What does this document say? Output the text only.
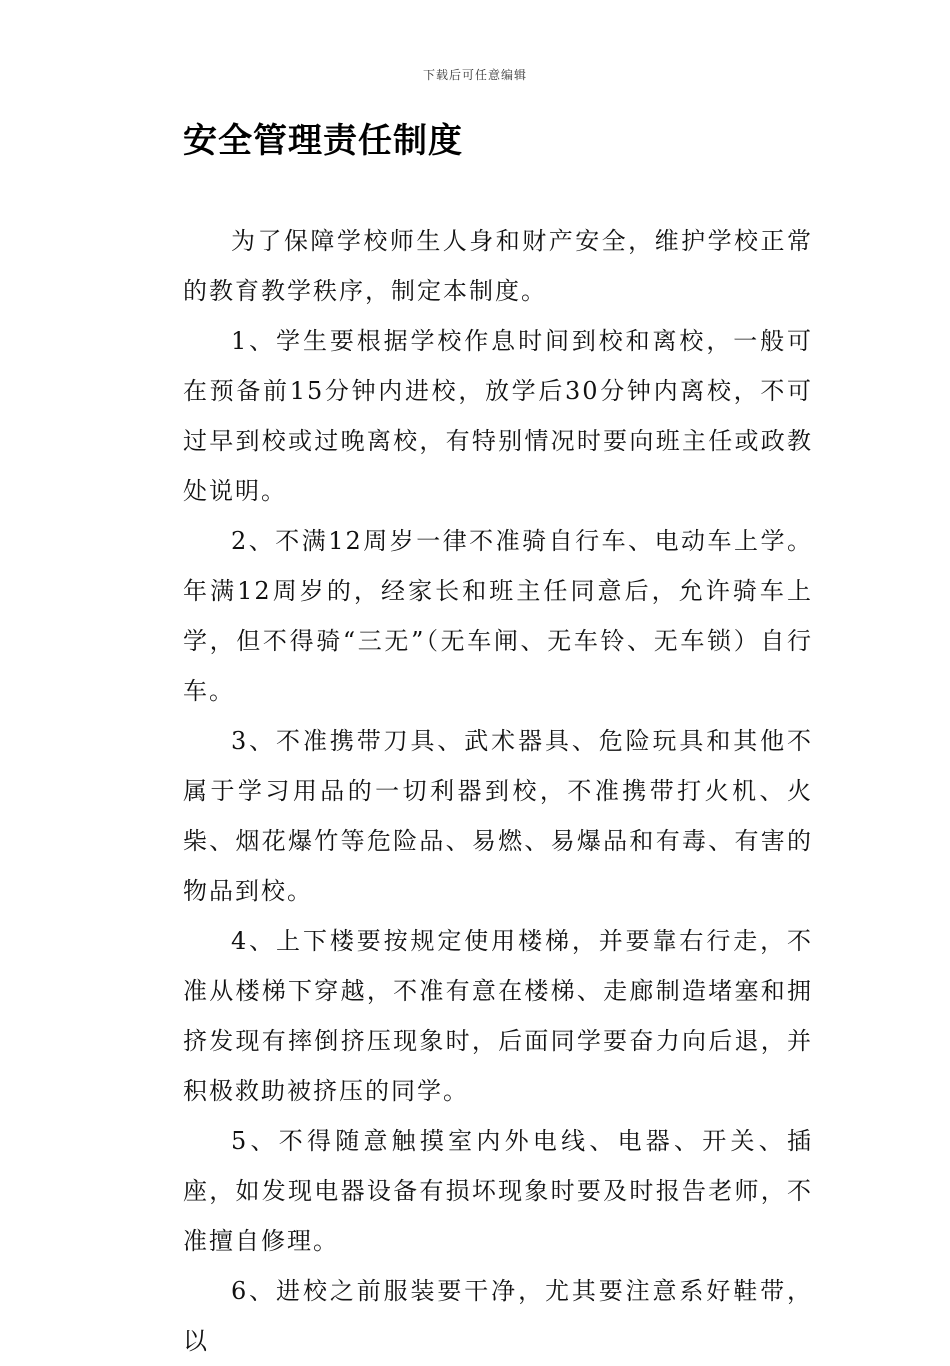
下载后可任意编辑
安全管理责任制度

为了保障学校师生人身和财产安全，维护学校正常的教育教学秩序，制定本制度。

1、学生要根据学校作息时间到校和离校，一般可在预备前15分钟内进校，放学后30分钟内离校，不可过早到校或过晚离校，有特别情况时要向班主任或政教处说明。

2、不满12周岁一律不准骑自行车、电动车上学。年满12周岁的，经家长和班主任同意后，允许骑车上学，但不得骑“三无”（无车闸、无车铃、无车锁）自行车。

3、不准携带刀具、武术器具、危险玩具和其他不属于学习用品的一切利器到校，不准携带打火机、火柴、烟花爆竹等危险品、易燃、易爆品和有毒、有害的物品到校。

4、上下楼要按规定使用楼梯，并要靠右行走，不准从楼梯下穿越，不准有意在楼梯、走廊制造堵塞和拥挤发现有摔倒挤压现象时，后面同学要奋力向后退，并积极救助被挤压的同学。

5、不得随意触摸室内外电线、电器、开关、插座，如发现电器设备有损坏现象时要及时报告老师，不准擅自修理。

6、进校之前服装要干净，尤其要注意系好鞋带，以
